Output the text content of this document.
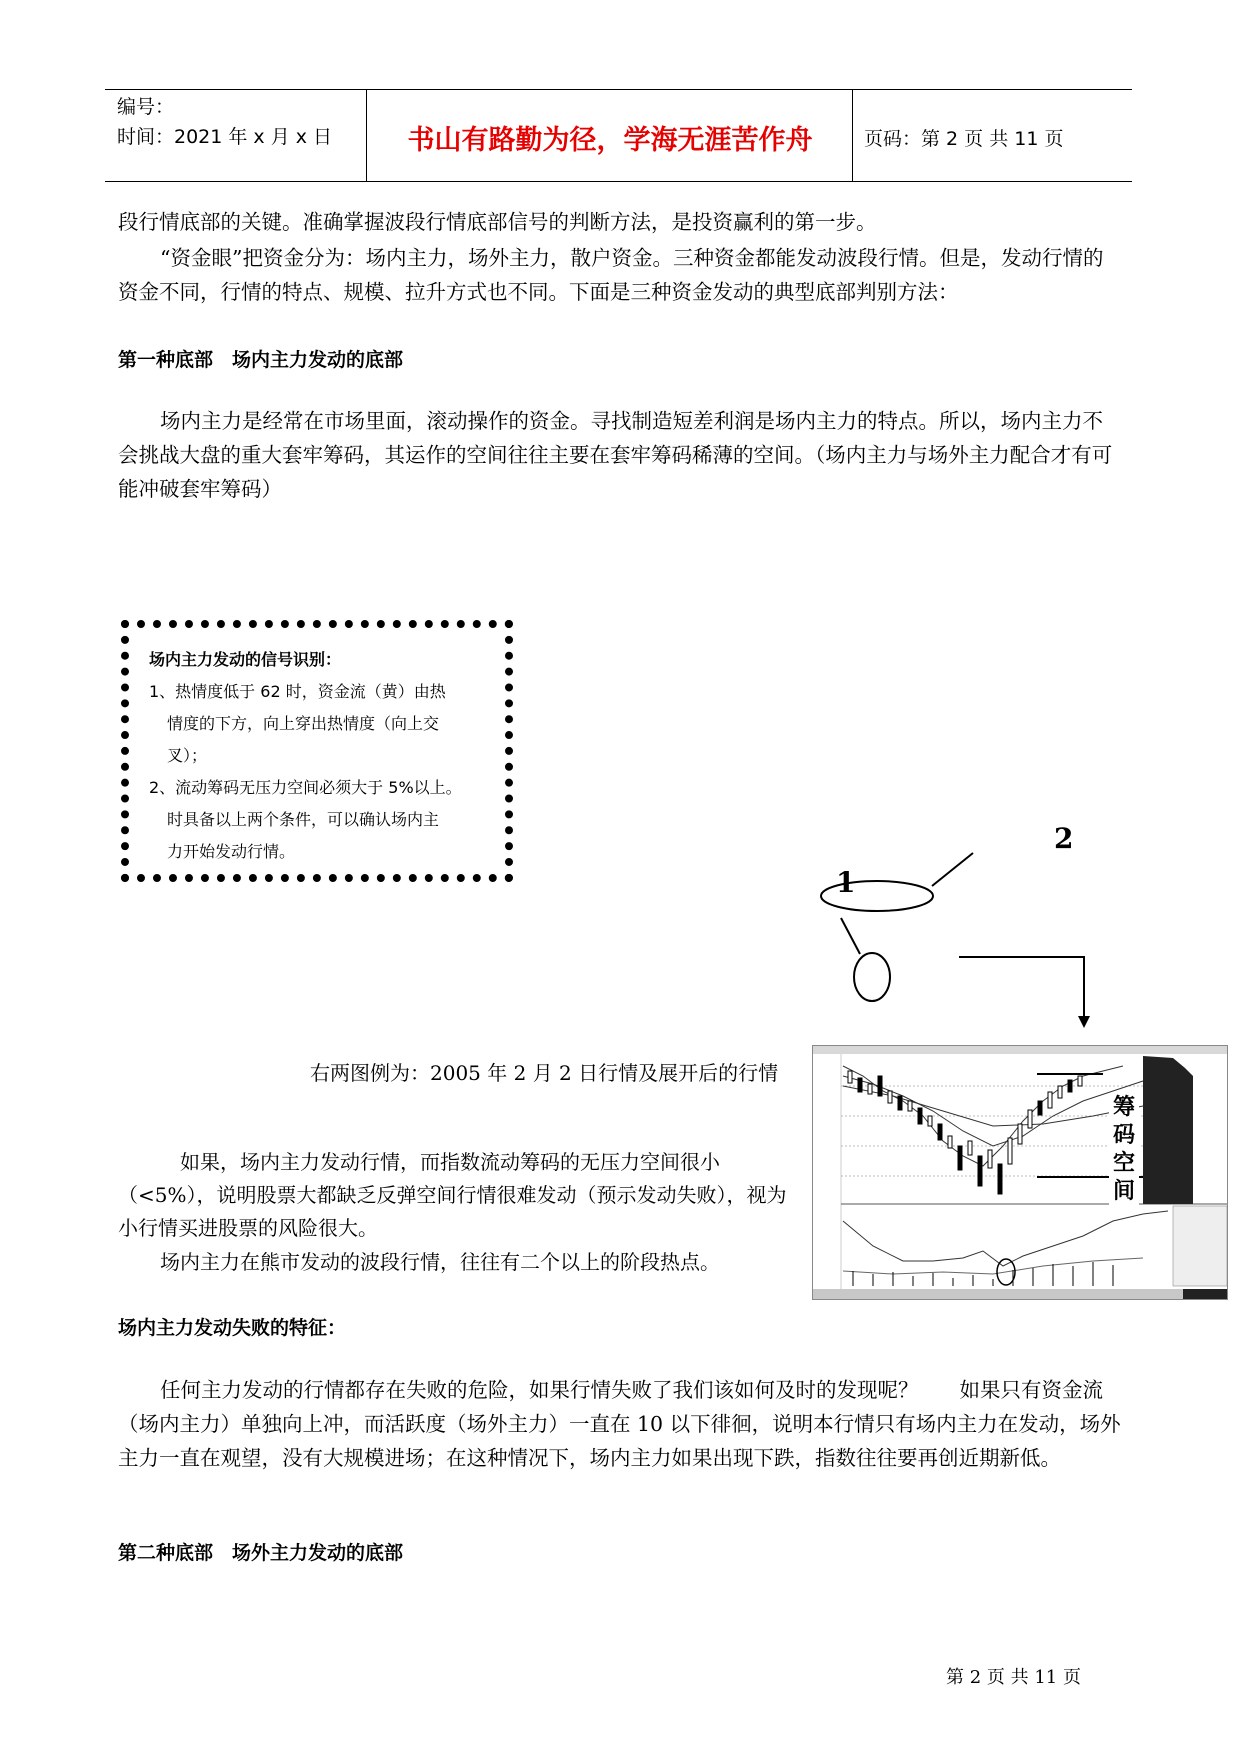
编号：
时间：2021 年 x 月 x 日	书山有路勤为径，学海无涯苦作舟	页码：第 2 页 共 11 页
段行情底部的关键。准确掌握波段行情底部信号的判断方法，是投资赢利的第一步。
“资金眼”把资金分为：场内主力，场外主力，散户资金。三种资金都能发动波段行情。但是，发动行情的资金不同，行情的特点、规模、拉升方式也不同。下面是三种资金发动的典型底部判别方法：
第一种底部　场内主力发动的底部
场内主力是经常在市场里面，滚动操作的资金。寻找制造短差利润是场内主力的特点。所以，场内主力不会挑战大盘的重大套牢筹码，其运作的空间往往主要在套牢筹码稀薄的空间。（场内主力与场外主力配合才有可能冲破套牢筹码）
场内主力发动的信号识别：
1、热情度低于 62 时，资金流（黄）由热
情度的下方，向上穿出热情度（向上交
叉）；
2、流动筹码无压力空间必须大于 5%以上。
时具备以上两个条件，可以确认场内主
力开始发动行情。
1
2
右两图例为：2005 年 2 月 2 日行情及展开后的行情
如果，场内主力发动行情，而指数流动筹码的无压力空间很小（<5%），说明股票大都缺乏反弹空间行情很难发动（预示发动失败），视为小行情买进股票的风险很大。
场内主力在熊市发动的波段行情，往往有二个以上的阶段热点。
筹
码
空
间
场内主力发动失败的特征：
任何主力发动的行情都存在失败的危险，如果行情失败了我们该如何及时的发现呢？　　如果只有资金流（场内主力）单独向上冲，而活跃度（场外主力）一直在 10 以下徘徊，说明本行情只有场内主力在发动，场外主力一直在观望，没有大规模进场；在这种情况下，场内主力如果出现下跌，指数往往要再创近期新低。
第二种底部　场外主力发动的底部
第 2 页 共 11 页
